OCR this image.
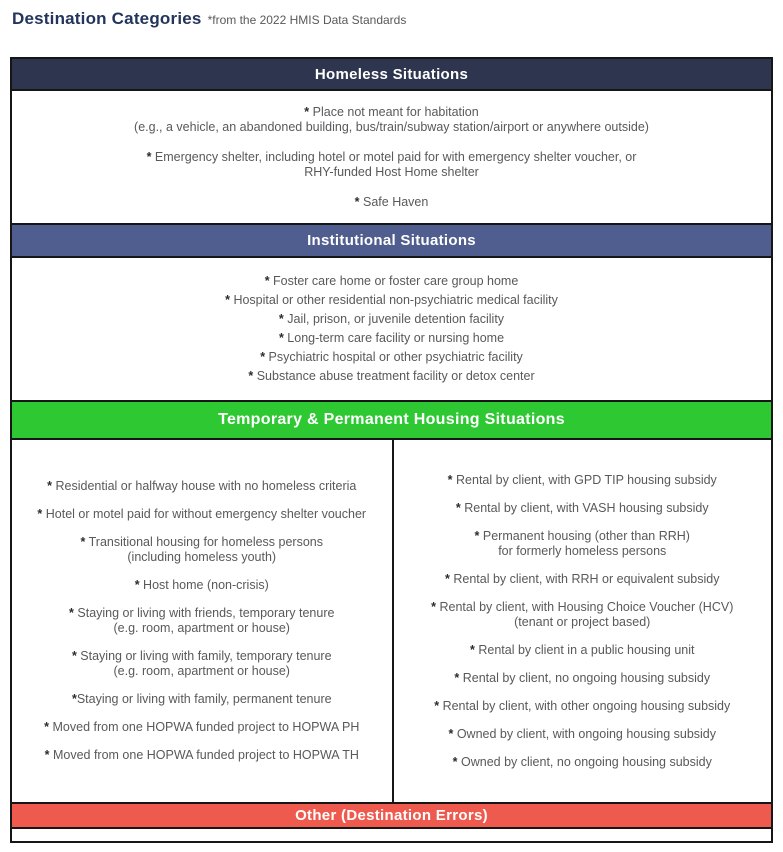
Destination Categories *from the 2022 HMIS Data Standards
Homeless Situations
* Place not meant for habitation
(e.g., a vehicle, an abandoned building, bus/train/subway station/airport or anywhere outside)
* Emergency shelter, including hotel or motel paid for with emergency shelter voucher, or
RHY-funded Host Home shelter
* Safe Haven
Institutional Situations
* Foster care home or foster care group home
* Hospital or other residential non-psychiatric medical facility
* Jail, prison, or juvenile detention facility
* Long-term care facility or nursing home
* Psychiatric hospital or other psychiatric facility
* Substance abuse treatment facility or detox center
Temporary & Permanent Housing Situations
* Residential or halfway house with no homeless criteria
* Hotel or motel paid for without emergency shelter voucher
* Transitional housing for homeless persons
(including homeless youth)
* Host home (non-crisis)
* Staying or living with friends, temporary tenure
(e.g. room, apartment or house)
* Staying or living with family, temporary tenure
(e.g. room, apartment or house)
*Staying or living with family, permanent tenure
* Moved from one HOPWA funded project to HOPWA PH
* Moved from one HOPWA funded project to HOPWA TH
* Rental by client, with GPD TIP housing subsidy
* Rental by client, with VASH housing subsidy
* Permanent housing (other than RRH)
for formerly homeless persons
* Rental by client, with RRH or equivalent subsidy
* Rental by client, with Housing Choice Voucher (HCV)
(tenant or project based)
* Rental by client in a public housing unit
* Rental by client, no ongoing housing subsidy
* Rental by client, with other ongoing housing subsidy
* Owned by client, with ongoing housing subsidy
* Owned by client, no ongoing housing subsidy
Other (Destination Errors)
